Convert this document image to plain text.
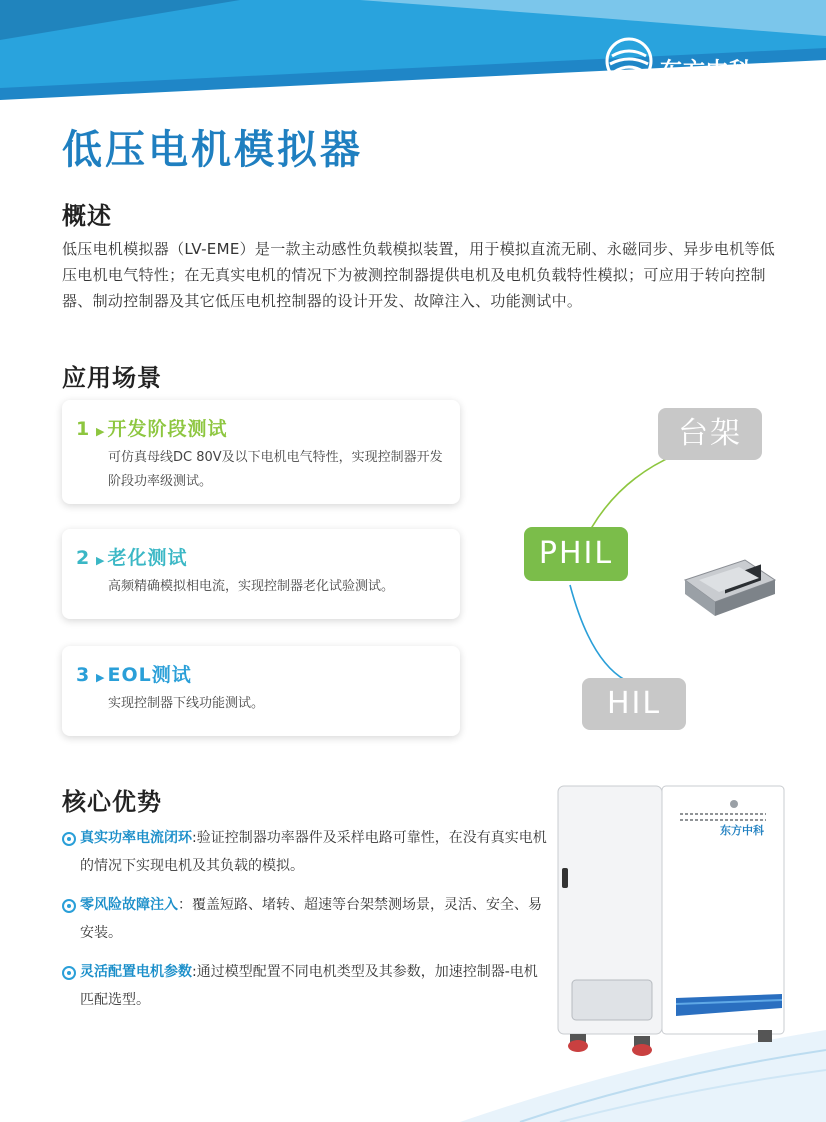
东方中科
低压电机模拟器
概述
低压电机模拟器（LV-EME）是一款主动感性负载模拟装置，用于模拟直流无刷、永磁同步、异步电机等低压电机电气特性；在无真实电机的情况下为被测控制器提供电机及电机负载特性模拟；可应用于转向控制器、制动控制器及其它低压电机控制器的设计开发、故障注入、功能测试中。
应用场景
1 ▶ 开发阶段测试
可仿真母线DC 80V及以下电机电气特性，实现控制器开发阶段功率级测试。
2 ▶ 老化测试
高频精确模拟相电流，实现控制器老化试验测试。
3 ▶ EOL测试
实现控制器下线功能测试。
台架
PHIL
HIL
核心优势
真实功率电流闭环:验证控制器功率器件及采样电路可靠性，在没有真实电机的情况下实现电机及其负载的模拟。
零风险故障注入：覆盖短路、堵转、超速等台架禁测场景，灵活、安全、易安装。
灵活配置电机参数:通过模型配置不同电机类型及其参数，加速控制器-电机匹配选型。
东方中科
